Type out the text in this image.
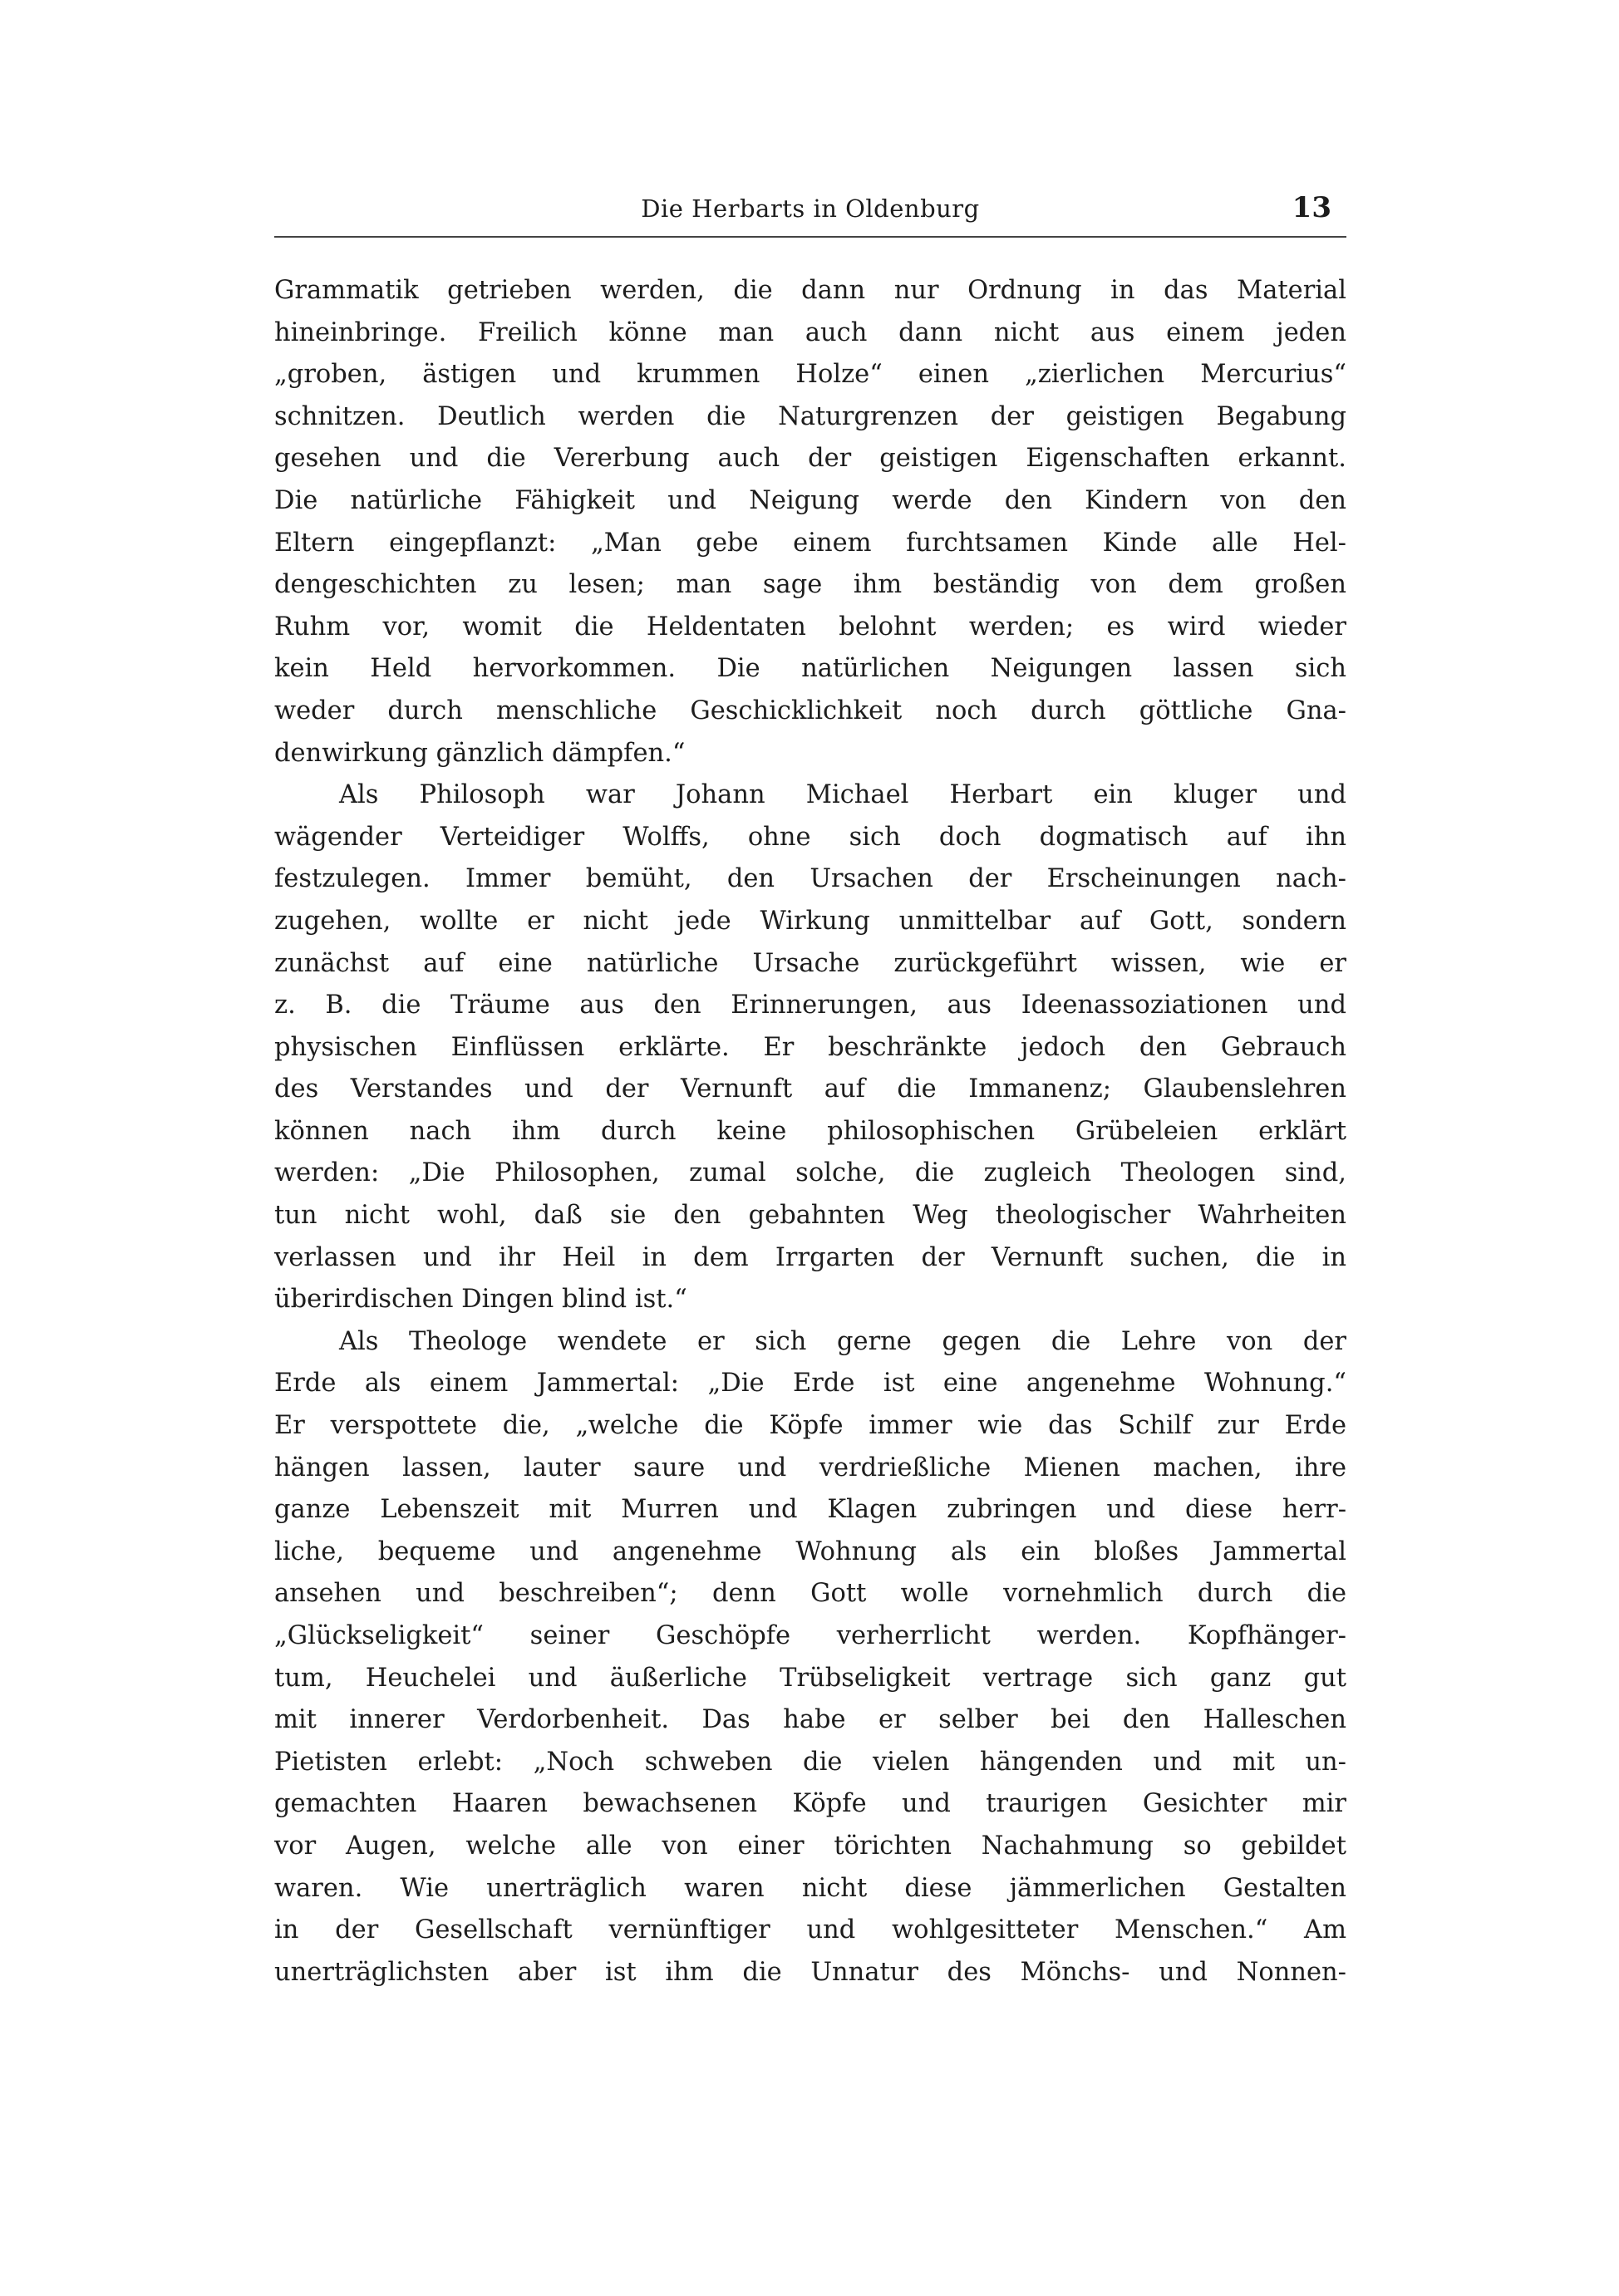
Die Herbarts in Oldenburg	13
Grammatik getrieben werden, die dann nur Ordnung in das Material
hineinbringe. Freilich könne man auch dann nicht aus einem jeden
„groben, ästigen und krummen Holze“ einen „zierlichen Mercurius“
schnitzen. Deutlich werden die Naturgrenzen der geistigen Begabung
gesehen und die Vererbung auch der geistigen Eigenschaften erkannt.
Die natürliche Fähigkeit und Neigung werde den Kindern von den
Eltern eingepflanzt: „Man gebe einem furchtsamen Kinde alle Hel-
dengeschichten zu lesen; man sage ihm beständig von dem großen
Ruhm vor, womit die Heldentaten belohnt werden; es wird wieder
kein Held hervorkommen. Die natürlichen Neigungen lassen sich
weder durch menschliche Geschicklichkeit noch durch göttliche Gna-
denwirkung gänzlich dämpfen.“
Als Philosoph war Johann Michael Herbart ein kluger und
wägender Verteidiger Wolffs, ohne sich doch dogmatisch auf ihn
festzulegen. Immer bemüht, den Ursachen der Erscheinungen nach-
zugehen, wollte er nicht jede Wirkung unmittelbar auf Gott, sondern
zunächst auf eine natürliche Ursache zurückgeführt wissen, wie er
z. B. die Träume aus den Erinnerungen, aus Ideenassoziationen und
physischen Einflüssen erklärte. Er beschränkte jedoch den Gebrauch
des Verstandes und der Vernunft auf die Immanenz; Glaubenslehren
können nach ihm durch keine philosophischen Grübeleien erklärt
werden: „Die Philosophen, zumal solche, die zugleich Theologen sind,
tun nicht wohl, daß sie den gebahnten Weg theologischer Wahrheiten
verlassen und ihr Heil in dem Irrgarten der Vernunft suchen, die in
überirdischen Dingen blind ist.“
Als Theologe wendete er sich gerne gegen die Lehre von der
Erde als einem Jammertal: „Die Erde ist eine angenehme Wohnung.“
Er verspottete die, „welche die Köpfe immer wie das Schilf zur Erde
hängen lassen, lauter saure und verdrießliche Mienen machen, ihre
ganze Lebenszeit mit Murren und Klagen zubringen und diese herr-
liche, bequeme und angenehme Wohnung als ein bloßes Jammertal
ansehen und beschreiben“; denn Gott wolle vornehmlich durch die
„Glückseligkeit“ seiner Geschöpfe verherrlicht werden. Kopfhänger-
tum, Heuchelei und äußerliche Trübseligkeit vertrage sich ganz gut
mit innerer Verdorbenheit. Das habe er selber bei den Halleschen
Pietisten erlebt: „Noch schweben die vielen hängenden und mit un-
gemachten Haaren bewachsenen Köpfe und traurigen Gesichter mir
vor Augen, welche alle von einer törichten Nachahmung so gebildet
waren. Wie unerträglich waren nicht diese jämmerlichen Gestalten
in der Gesellschaft vernünftiger und wohlgesitteter Menschen.“ Am
unerträglichsten aber ist ihm die Unnatur des Mönchs- und Nonnen-
